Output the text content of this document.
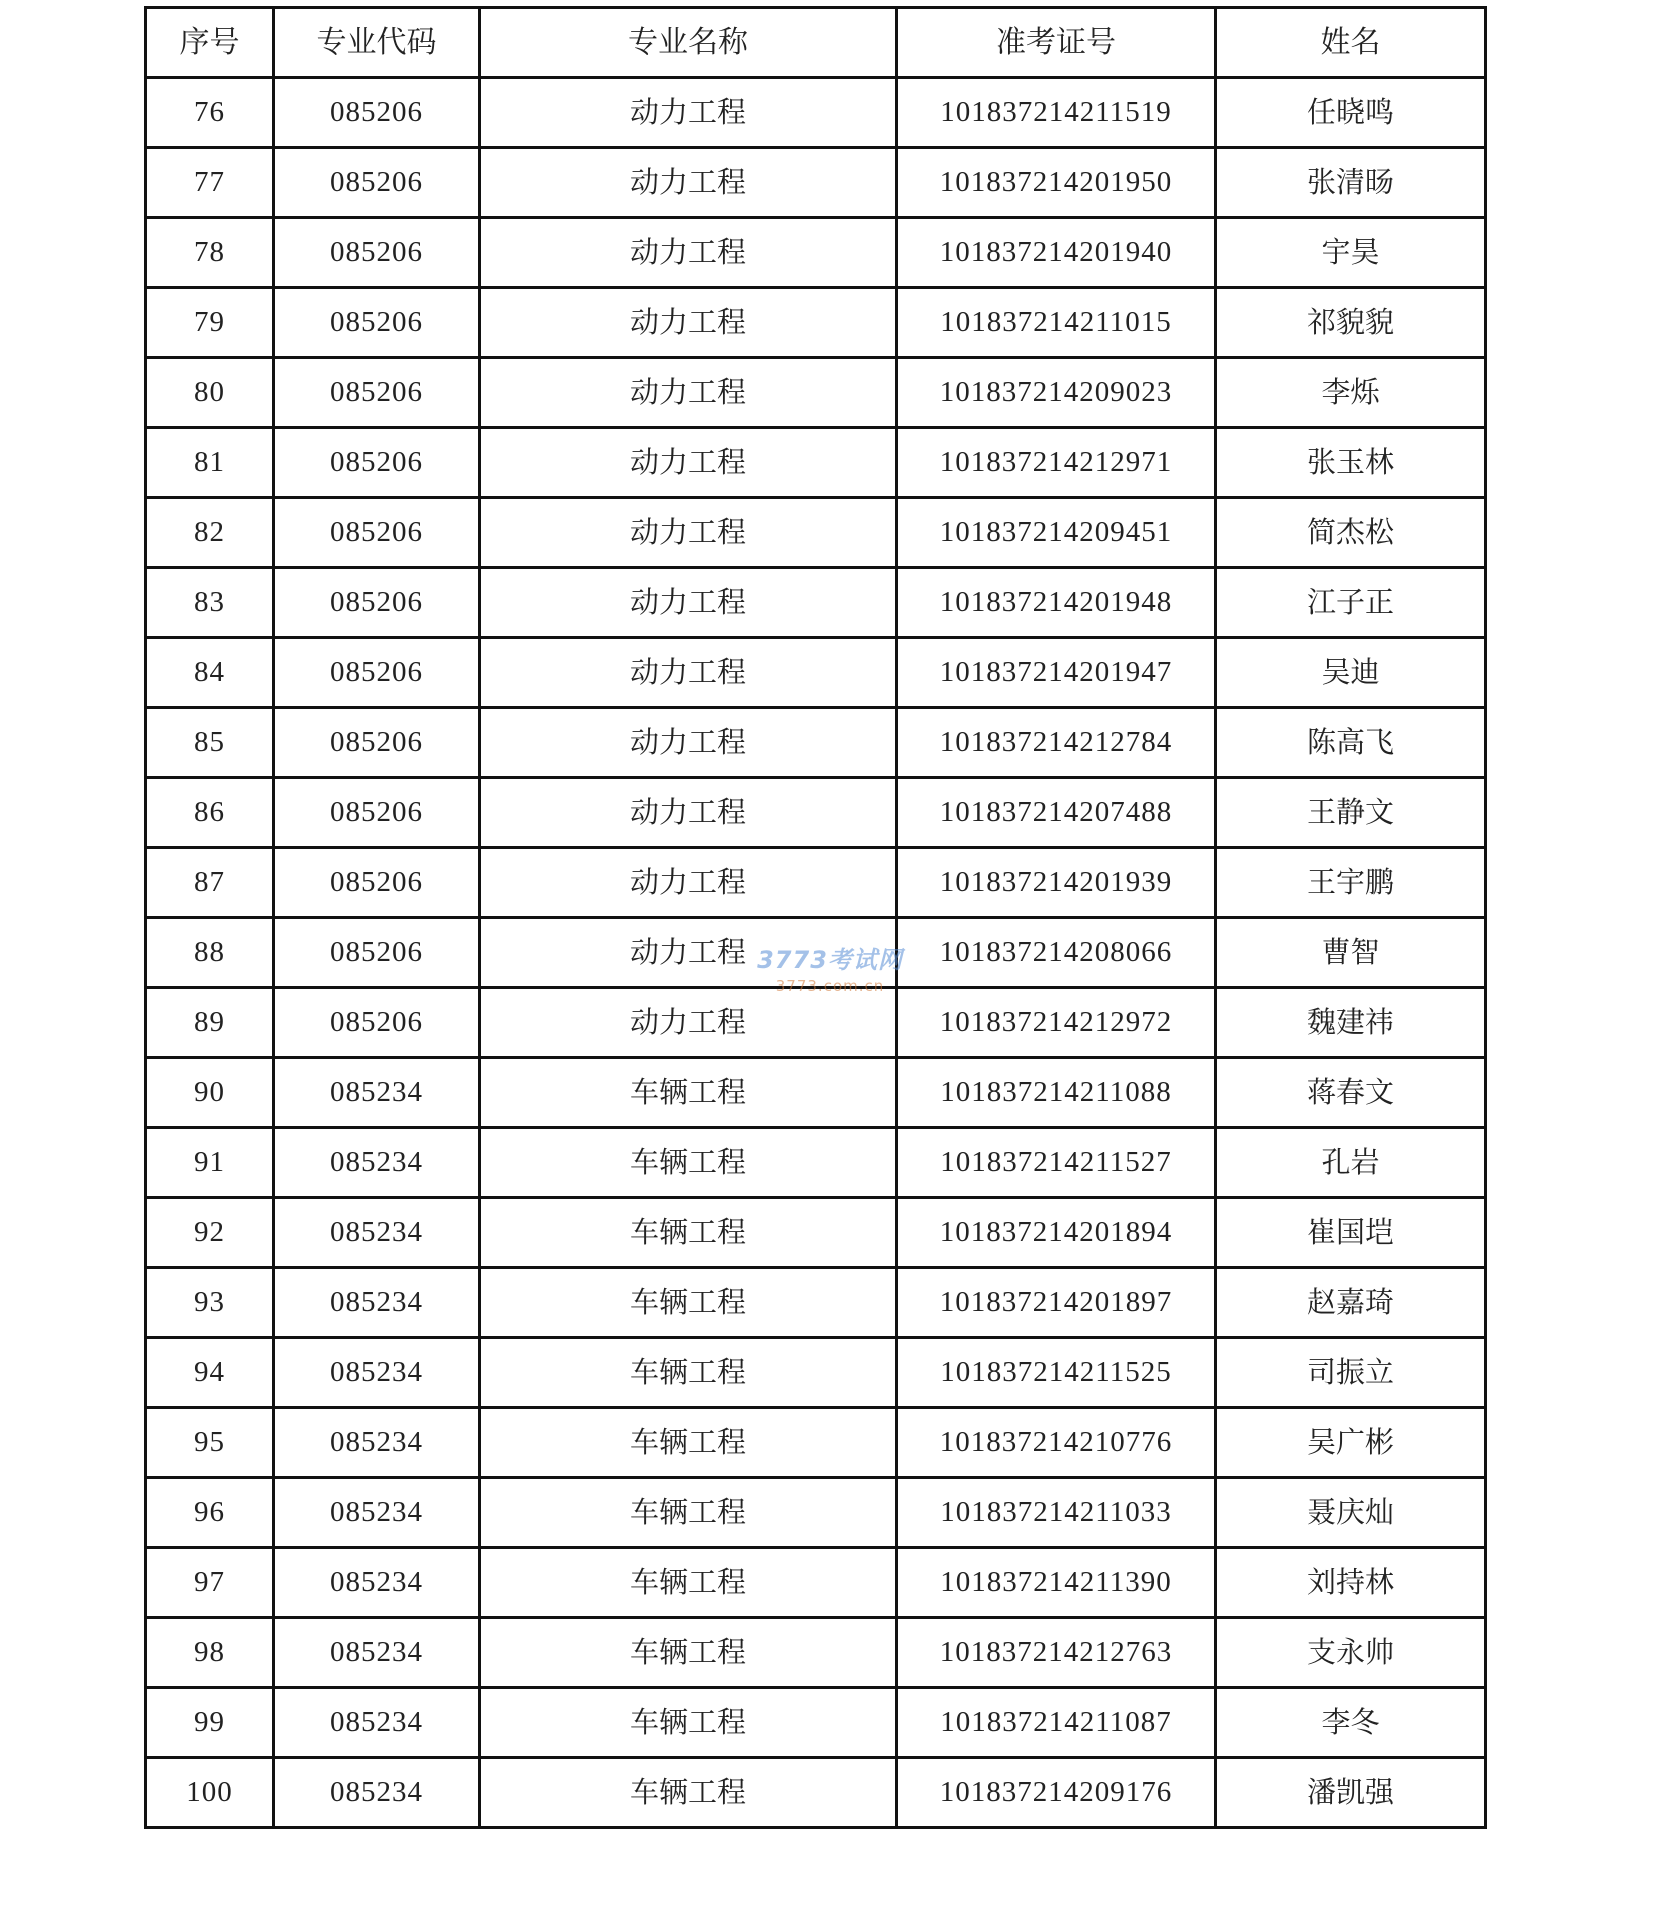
序号	专业代码	专业名称	准考证号	姓名
76	085206	动力工程	101837214211519	任晓鸣
77	085206	动力工程	101837214201950	张清旸
78	085206	动力工程	101837214201940	宇昊
79	085206	动力工程	101837214211015	祁貌貌
80	085206	动力工程	101837214209023	李烁
81	085206	动力工程	101837214212971	张玉林
82	085206	动力工程	101837214209451	简杰松
83	085206	动力工程	101837214201948	江子正
84	085206	动力工程	101837214201947	吴迪
85	085206	动力工程	101837214212784	陈高飞
86	085206	动力工程	101837214207488	王静文
87	085206	动力工程	101837214201939	王宇鹏
88	085206	动力工程	101837214208066	曹智
89	085206	动力工程	101837214212972	魏建祎
90	085234	车辆工程	101837214211088	蒋春文
91	085234	车辆工程	101837214211527	孔岩
92	085234	车辆工程	101837214201894	崔国垲
93	085234	车辆工程	101837214201897	赵嘉琦
94	085234	车辆工程	101837214211525	司振立
95	085234	车辆工程	101837214210776	吴广彬
96	085234	车辆工程	101837214211033	聂庆灿
97	085234	车辆工程	101837214211390	刘持林
98	085234	车辆工程	101837214212763	支永帅
99	085234	车辆工程	101837214211087	李冬
100	085234	车辆工程	101837214209176	潘凯强
3773考试网
3773.com.cn
